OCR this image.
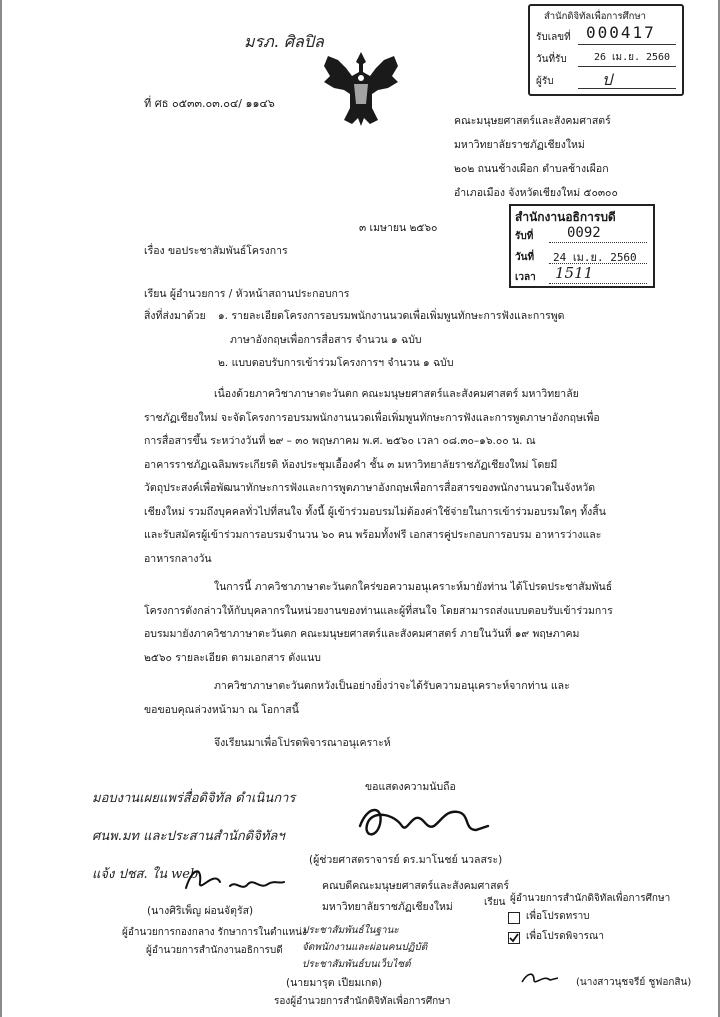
มรภ. ศิลปิล
ที่ ศธ ๐๕๓๓.๐๓.๐๔/ ๑๑๔๖
คณะมนุษยศาสตร์และสังคมศาสตร์
มหาวิทยาลัยราชภัฏเชียงใหม่
๒๐๒ ถนนช้างเผือก ตำบลช้างเผือก
อำเภอเมือง จังหวัดเชียงใหม่ ๕๐๓๐๐
สำนักดิจิทัลเพื่อการศึกษา
รับเลขที่ 000417
วันที่รับ	26 เม.ย. 2560
ผู้รับ	ป
๓ เมษายน ๒๕๖๐
สำนักงานอธิการบดี
รับที่ 0092
วันที่ 24 เม.ย. 2560
เวลา 1511
เรื่อง ขอประชาสัมพันธ์โครงการ
เรียน ผู้อำนวยการ / หัวหน้าสถานประกอบการ
สิ่งที่ส่งมาด้วย ๑. รายละเอียดโครงการอบรมพนักงานนวดเพื่อเพิ่มพูนทักษะการฟังและการพูด
ภาษาอังกฤษเพื่อการสื่อสาร จำนวน ๑ ฉบับ
๒. แบบตอบรับการเข้าร่วมโครงการฯ จำนวน ๑ ฉบับ
เนื่องด้วยภาควิชาภาษาตะวันตก คณะมนุษยศาสตร์และสังคมศาสตร์ มหาวิทยาลัย
ราชภัฏเชียงใหม่ จะจัดโครงการอบรมพนักงานนวดเพื่อเพิ่มพูนทักษะการฟังและการพูดภาษาอังกฤษเพื่อ
การสื่อสารขึ้น ระหว่างวันที่ ๒๙ – ๓๐ พฤษภาคม พ.ศ. ๒๕๖๐ เวลา ๐๘.๓๐–๑๖.๐๐ น. ณ
อาคารราชภัฏเฉลิมพระเกียรติ ห้องประชุมเอื้องคำ ชั้น ๓ มหาวิทยาลัยราชภัฏเชียงใหม่ โดยมี
วัตถุประสงค์เพื่อพัฒนาทักษะการฟังและการพูดภาษาอังกฤษเพื่อการสื่อสารของพนักงานนวดในจังหวัด
เชียงใหม่ รวมถึงบุคคลทั่วไปที่สนใจ ทั้งนี้ ผู้เข้าร่วมอบรมไม่ต้องค่าใช้จ่ายในการเข้าร่วมอบรมใดๆ ทั้งสิ้น
และรับสมัครผู้เข้าร่วมการอบรมจำนวน ๖๐ คน พร้อมทั้งฟรี เอกสารคู่ประกอบการอบรม อาหารว่างและ
อาหารกลางวัน
ในการนี้ ภาควิชาภาษาตะวันตกใคร่ขอความอนุเคราะห์มายังท่าน ได้โปรดประชาสัมพันธ์
โครงการดังกล่าวให้กับบุคลากรในหน่วยงานของท่านและผู้ที่สนใจ โดยสามารถส่งแบบตอบรับเข้าร่วมการ
อบรมมายังภาควิชาภาษาตะวันตก คณะมนุษยศาสตร์และสังคมศาสตร์ ภายในวันที่ ๑๙ พฤษภาคม
๒๕๖๐ รายละเอียด ตามเอกสาร ดังแนบ
ภาควิชาภาษาตะวันตกหวังเป็นอย่างยิ่งว่าจะได้รับความอนุเคราะห์จากท่าน และ
ขอขอบคุณล่วงหน้ามา ณ โอกาสนี้
จึงเรียนมาเพื่อโปรดพิจารณาอนุเคราะห์
ขอแสดงความนับถือ
(ผู้ช่วยศาสตราจารย์ ดร.มาโนชย์ นวลสระ)
คณบดีคณะมนุษยศาสตร์และสังคมศาสตร์
มหาวิทยาลัยราชภัฏเชียงใหม่
มอบงานเผยแพร่สื่อดิจิทัล ดำเนินการ
ศนพ.มท และประสานสำนักดิจิทัลฯ
แจ้ง ปชส. ใน web.
(นางศิริเพ็ญ ผ่อนจัตุรัส)
ผู้อำนวยการกองกลาง รักษาการในตำแหน่ง
ผู้อำนวยการสำนักงานอธิการบดี
ประชาสัมพันธ์ในฐานะ
จัดพนักงานและผ่อนคนปฏิบัติ
ประชาสัมพันธ์บนเว็บไซต์
(นายมารุต เปียมเกต)
รองผู้อำนวยการสำนักดิจิทัลเพื่อการศึกษา
เรียน ผู้อำนวยการสำนักดิจิทัลเพื่อการศึกษา
เพื่อโปรดทราบ
เพื่อโปรดพิจารณา
(นางสาวนุชจรีย์ ชูฟอกสิน)
